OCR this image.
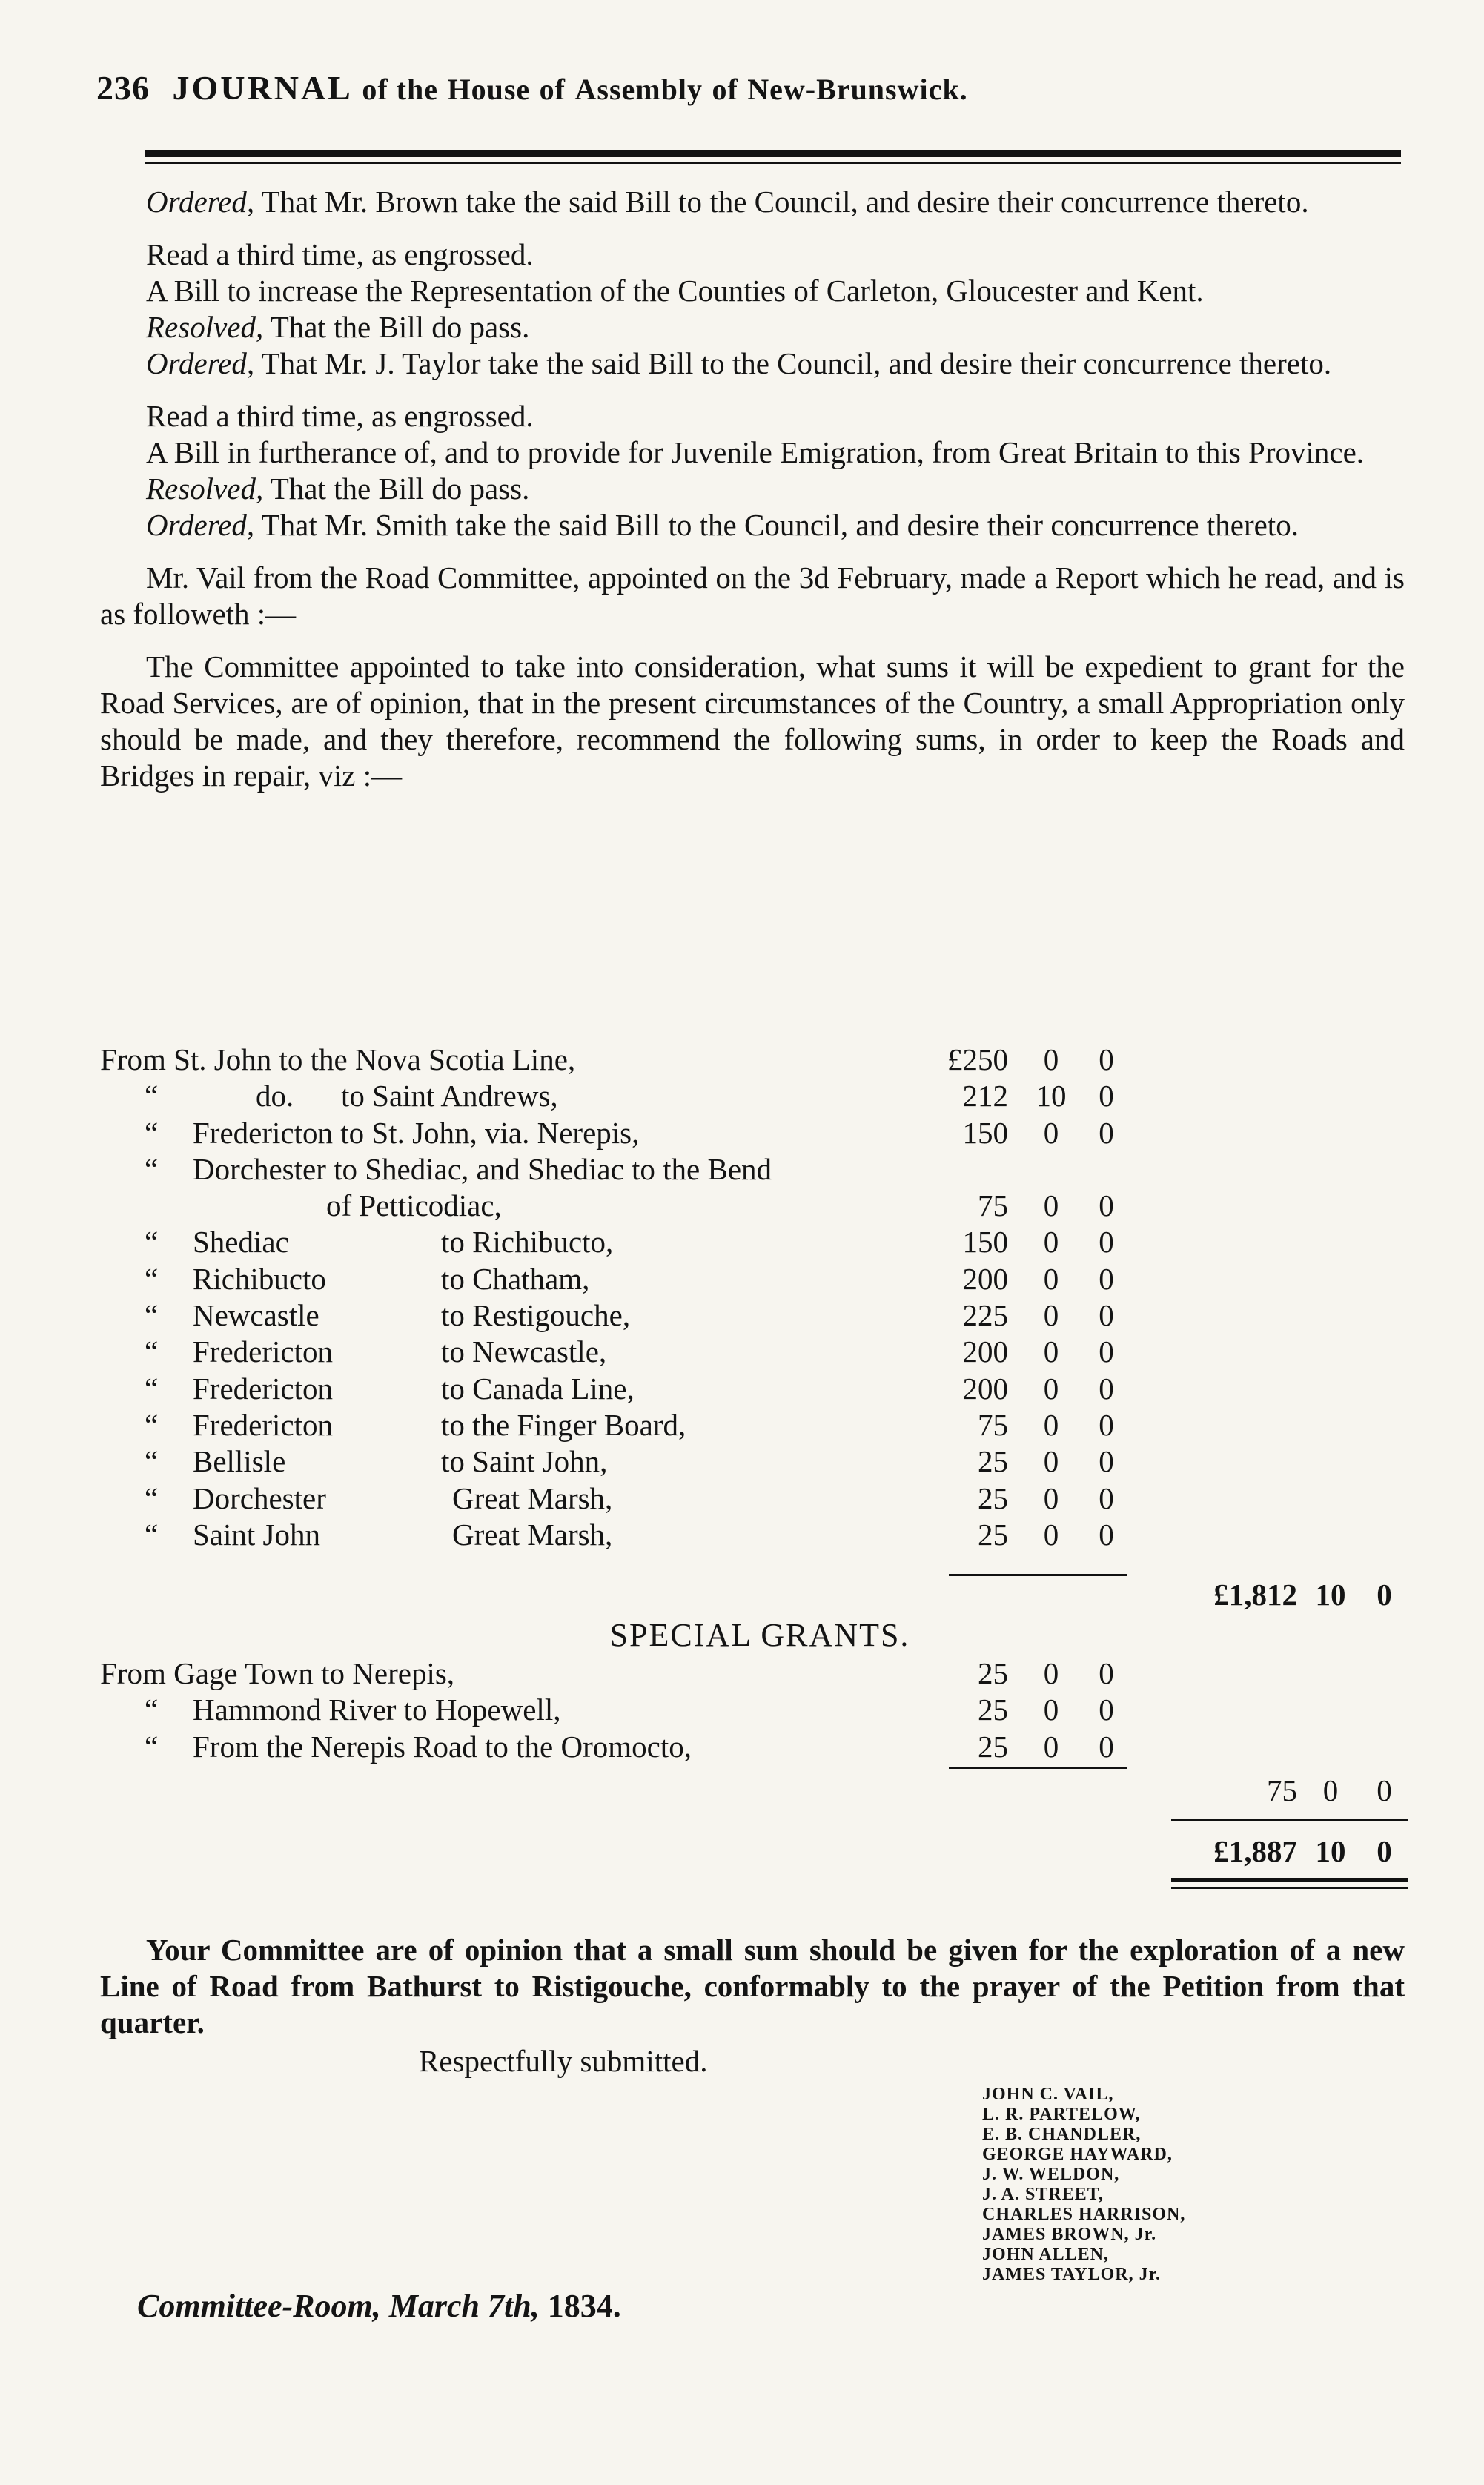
236 JOURNAL of the House of Assembly of New-Brunswick.

Ordered, That Mr. Brown take the said Bill to the Council, and desire their concurrence thereto.

Read a third time, as engrossed.

A Bill to increase the Representation of the Counties of Carleton, Gloucester and Kent.

Resolved, That the Bill do pass.

Ordered, That Mr. J. Taylor take the said Bill to the Council, and desire their concurrence thereto.

Read a third time, as engrossed.

A Bill in furtherance of, and to provide for Juvenile Emigration, from Great Britain to this Province.

Resolved, That the Bill do pass.

Ordered, That Mr. Smith take the said Bill to the Council, and desire their concurrence thereto.

Mr. Vail from the Road Committee, appointed on the 3d February, made a Report which he read, and is as followeth :—

The Committee appointed to take into consideration, what sums it will be expedient to grant for the Road Services, are of opinion, that in the present circumstances of the Country, a small Appropriation only should be made, and they therefore, recommend the following sums, in order to keep the Roads and Bridges in repair, viz :—

From St. John to the Nova Scotia Line,	£250	0	0
“	do. to Saint Andrews,	212 10 0
“ Fredericton to St. John, via. Nerepis,	150	0	0
“ Dorchester to Shediac, and Shediac to the Bend
of Petticodiac,	75	0	0
“ Shediac	to Richibucto,	150	0	0
“ Richibucto	to Chatham,	200	0	0
“ Newcastle	to Restigouche,	225	0	0
“ Fredericton	to Newcastle,	200	0	0
“ Fredericton	to Canada Line,	200	0	0
“ Fredericton	to the Finger Board,	75	0	0
“ Bellisle	to Saint John,	25	0	0
“ Dorchester	Great Marsh,	25	0	0
“ Saint John	Great Marsh,	25	0	0
£1,812 10 0
SPECIAL GRANTS.
From Gage Town to Nerepis,	25	0	0
“ Hammond River to Hopewell,	25	0	0
“ From the Nerepis Road to the Oromocto,	25	0	0
75 0	0
£1,887 10 0

Your Committee are of opinion that a small sum should be given for the exploration of a new Line of Road from Bathurst to Ristigouche, conformably to the prayer of the Petition from that quarter.

Respectfully submitted.
JOHN C. VAIL,
L. R. PARTELOW,
E. B. CHANDLER,
GEORGE HAYWARD,
J. W. WELDON,
J. A. STREET,
CHARLES HARRISON,
JAMES BROWN, Jr.
JOHN ALLEN,
JAMES TAYLOR, Jr.
Committee-Room, March 7th, 1834.
